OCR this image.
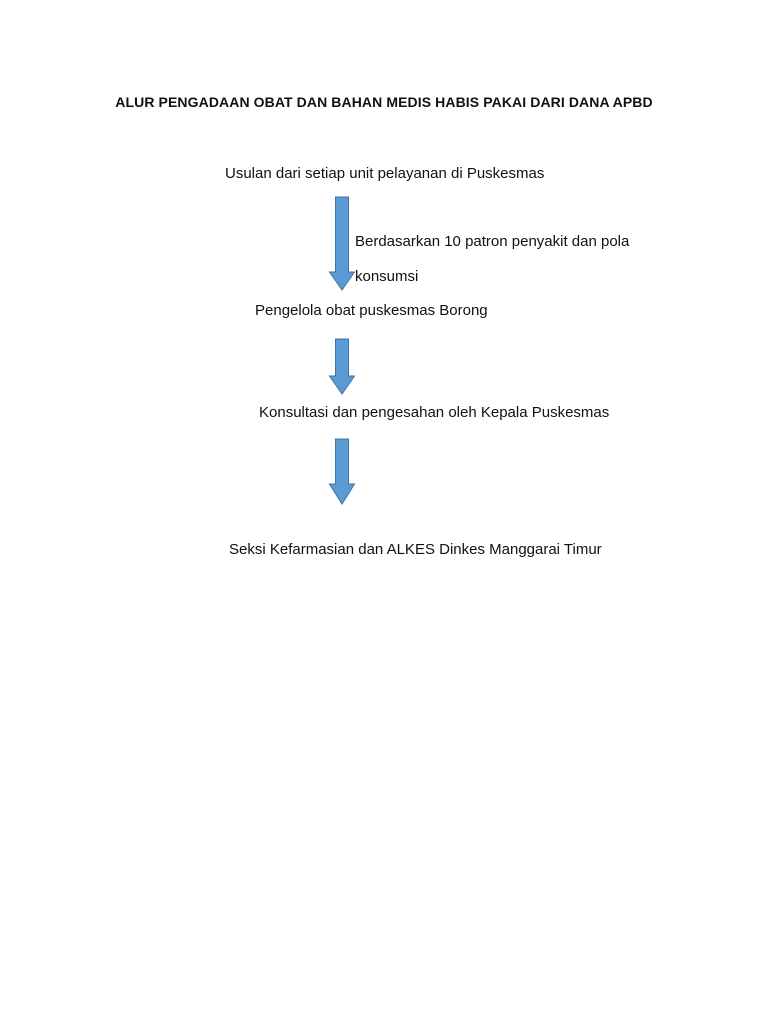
ALUR PENGADAAN OBAT DAN BAHAN MEDIS HABIS PAKAI DARI DANA APBD
Usulan dari setiap unit pelayanan di Puskesmas
Berdasarkan 10 patron penyakit dan pola
konsumsi
Pengelola obat puskesmas Borong
Konsultasi dan pengesahan oleh Kepala Puskesmas
Seksi Kefarmasian dan ALKES Dinkes Manggarai Timur
